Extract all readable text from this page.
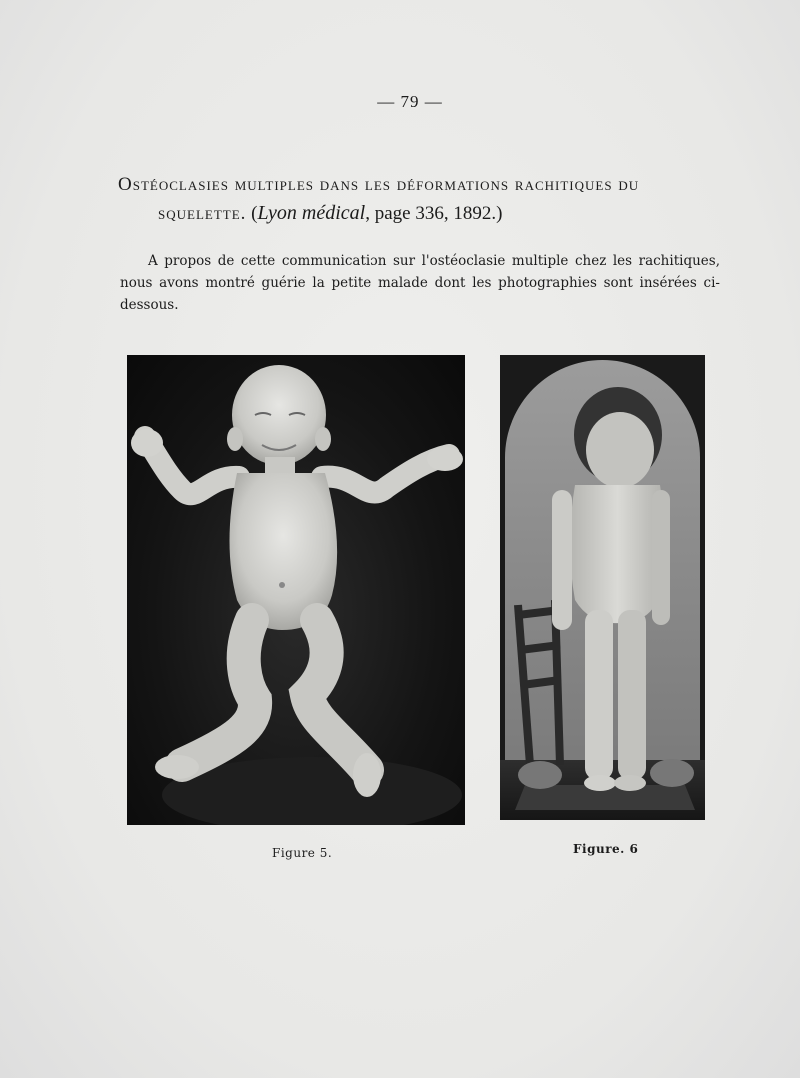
— 79 —
Ostéoclasies multiples dans les déformations rachitiques du
squelette. (Lyon médical, page 336, 1892.)
A propos de cette communicatiɔn sur l'ostéoclasie multiple chez les rachitiques, nous avons montré guérie la petite malade dont les photographies sont insérées ci-dessous.
Figure 5.	Figure. 6
